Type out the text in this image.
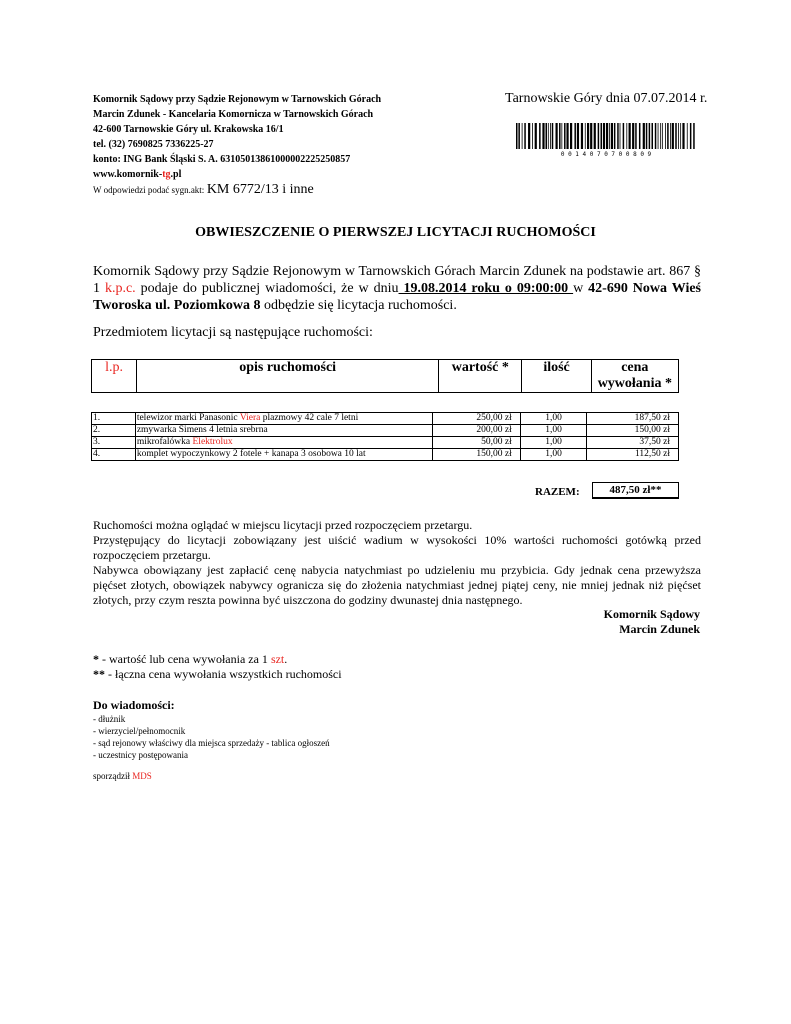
Komornik Sądowy przy Sądzie Rejonowym w Tarnowskich Górach
Marcin Zdunek - Kancelaria Komornicza w Tarnowskich Górach
42-600 Tarnowskie Góry ul. Krakowska 16/1
tel. (32) 7690825 7336225-27
konto: ING Bank Śląski S. A. 63105013861000002225250857
www.komornik-tg.pl
W odpowiedzi podać sygn.akt: KM 6772/13 i inne
Tarnowskie Góry dnia 07.07.2014 r.
0 0 1 4 0 7 0 7 0 0 8 0 9
OBWIESZCZENIE O PIERWSZEJ LICYTACJI RUCHOMOŚCI
Komornik Sądowy przy Sądzie Rejonowym w Tarnowskich Górach Marcin Zdunek na podstawie art. 867 § 1 k.p.c. podaje do publicznej wiadomości, że w dniu 19.08.2014 roku o 09:00:00 w 42-690 Nowa Wieś Tworoska ul. Poziomkowa 8 odbędzie się licytacja ruchomości.
Przedmiotem licytacji są następujące ruchomości:
l.p.	opis ruchomości	wartość *	ilość	cena wywołania *
1.	telewizor marki Panasonic Viera plazmowy 42 cale 7 letni	250,00 zł	1,00	187,50 zł
2.	zmywarka Simens 4 letnia srebrna	200,00 zł	1,00	150,00 zł
3.	mikrofalówka Elektrolux	50,00 zł	1,00	37,50 zł
4.	komplet wypoczynkowy 2 fotele + kanapa 3 osobowa 10 lat	150,00 zł	1,00	112,50 zł
RAZEM:	487,50 zł**

Ruchomości można oglądać w miejscu licytacji przed rozpoczęciem przetargu.

Przystępujący do licytacji zobowiązany jest uiścić wadium w wysokości 10% wartości ruchomości gotówką przed rozpoczęciem przetargu.

Nabywca obowiązany jest zapłacić cenę nabycia natychmiast po udzieleniu mu przybicia. Gdy jednak cena przewyższa pięćset złotych, obowiązek nabywcy ogranicza się do złożenia natychmiast jednej piątej ceny, nie mniej jednak niż pięćset złotych, przy czym reszta powinna być uiszczona do godziny dwunastej dnia następnego.

Komornik Sądowy
Marcin Zdunek
* - wartość lub cena wywołania za 1 szt.
** - łączna cena wywołania wszystkich ruchomości
Do wiadomości:
- dłużnik
- wierzyciel/pełnomocnik
- sąd rejonowy właściwy dla miejsca sprzedaży - tablica ogłoszeń
- uczestnicy postępowania
sporządził MDS
